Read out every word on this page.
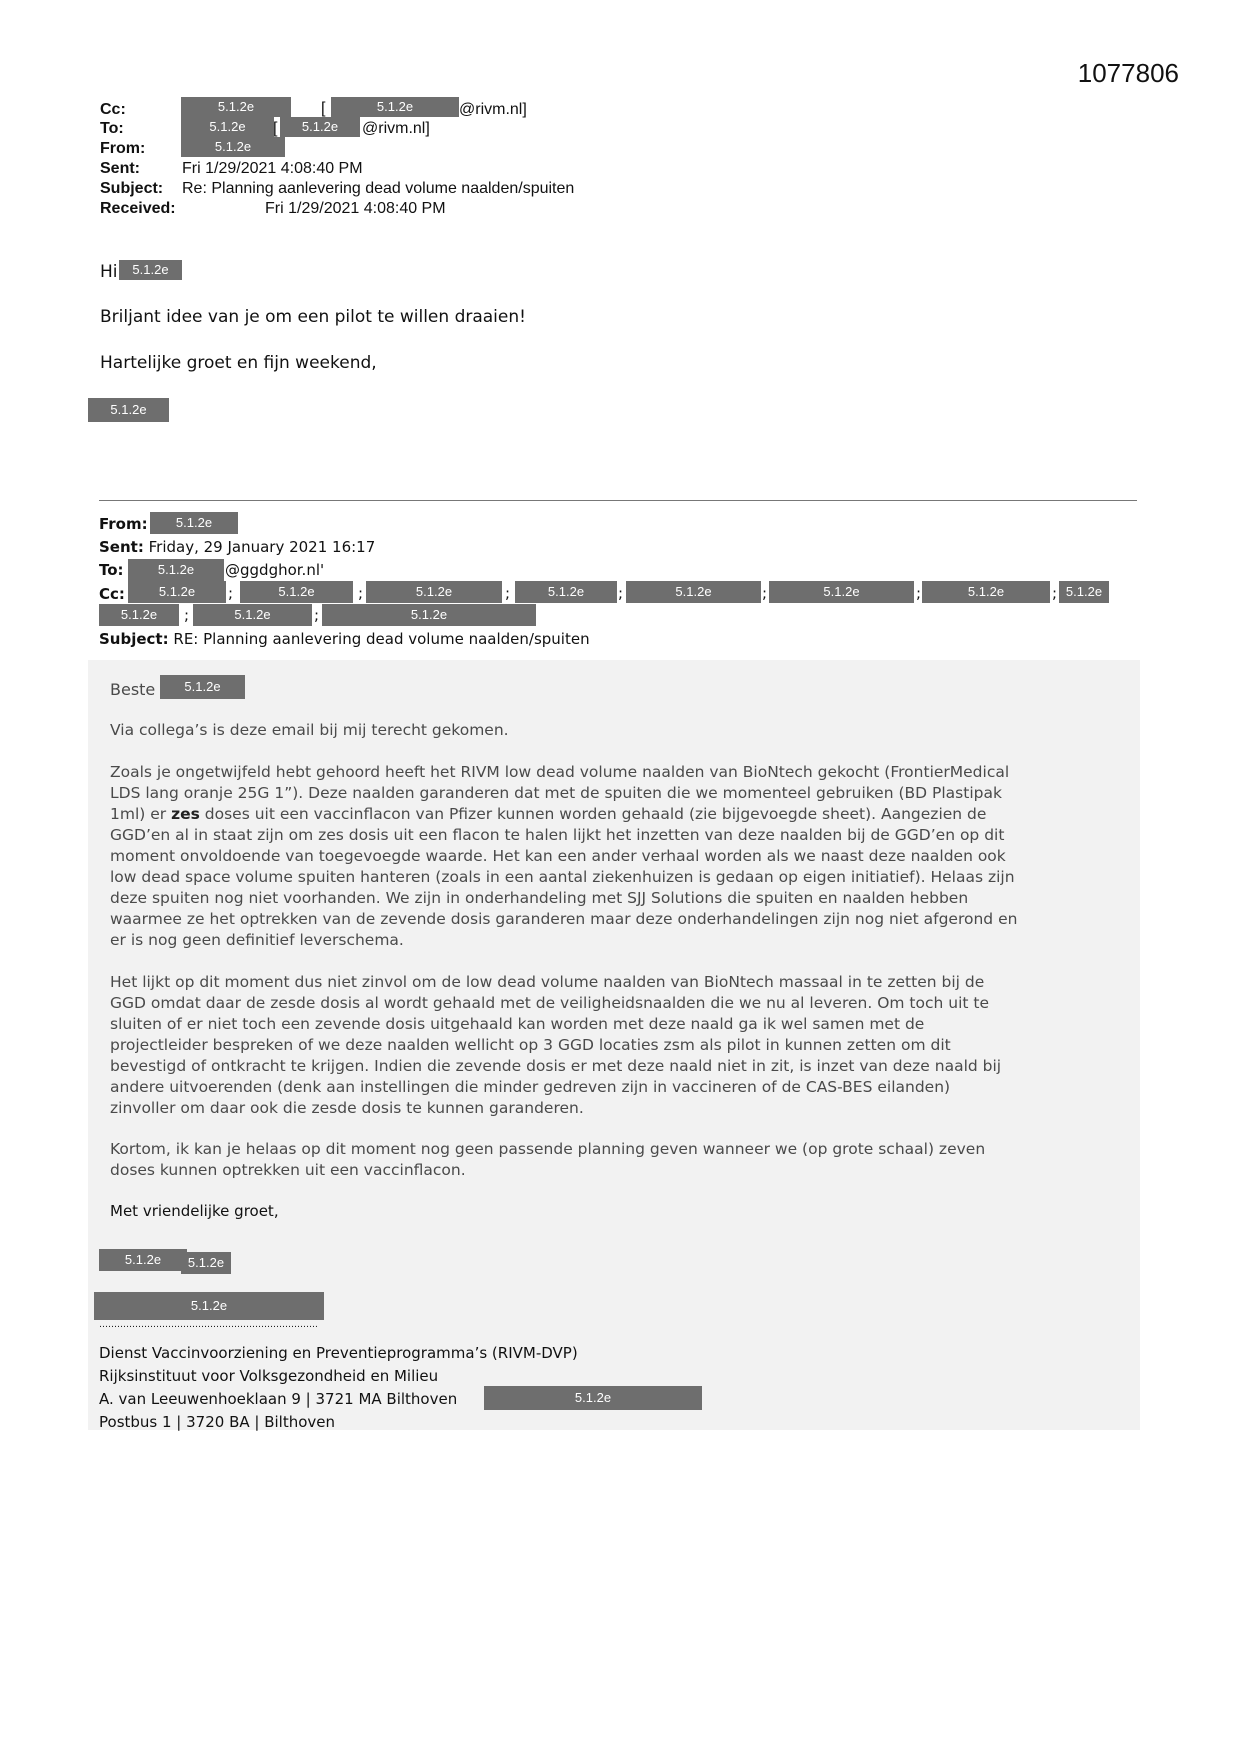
1077806
Cc:	5.1.2e	[	5.1.2e	@rivm.nl]
To:	5.1.2e	[	5.1.2e	@rivm.nl]
From:	5.1.2e
Sent:	Fri 1/29/2021 4:08:40 PM
Subject: Re: Planning aanlevering dead volume naalden/spuiten
Received:	Fri 1/29/2021 4:08:40 PM
Hi	5.1.2e
Briljant idee van je om een pilot te willen draaien!
Hartelijke groet en fijn weekend,
5.1.2e
From:	5.1.2e
Sent: Friday, 29 January 2021 16:17
To:	5.1.2e	@ggdghor.nl'
Cc:	5.1.2e	;	5.1.2e	;	5.1.2e	;	5.1.2e	;	5.1.2e	;	5.1.2e	;	5.1.2e	; 5.1.2e
5.1.2e	;	5.1.2e	;	5.1.2e
Subject: RE: Planning aanlevering dead volume naalden/spuiten
Beste	5.1.2e
Via collega’s is deze email bij mij terecht gekomen.
Zoals je ongetwijfeld hebt gehoord heeft het RIVM low dead volume naalden van BioNtech gekocht (FrontierMedical
LDS lang oranje 25G 1”). Deze naalden garanderen dat met de spuiten die we momenteel gebruiken (BD Plastipak
1ml) er zes doses uit een vaccinflacon van Pfizer kunnen worden gehaald (zie bijgevoegde sheet). Aangezien de
GGD’en al in staat zijn om zes dosis uit een flacon te halen lijkt het inzetten van deze naalden bij de GGD’en op dit
moment onvoldoende van toegevoegde waarde. Het kan een ander verhaal worden als we naast deze naalden ook
low dead space volume spuiten hanteren (zoals in een aantal ziekenhuizen is gedaan op eigen initiatief). Helaas zijn
deze spuiten nog niet voorhanden. We zijn in onderhandeling met SJJ Solutions die spuiten en naalden hebben
waarmee ze het optrekken van de zevende dosis garanderen maar deze onderhandelingen zijn nog niet afgerond en
er is nog geen definitief leverschema.
Het lijkt op dit moment dus niet zinvol om de low dead volume naalden van BioNtech massaal in te zetten bij de
GGD omdat daar de zesde dosis al wordt gehaald met de veiligheidsnaalden die we nu al leveren. Om toch uit te
sluiten of er niet toch een zevende dosis uitgehaald kan worden met deze naald ga ik wel samen met de
projectleider bespreken of we deze naalden wellicht op 3 GGD locaties zsm als pilot in kunnen zetten om dit
bevestigd of ontkracht te krijgen. Indien die zevende dosis er met deze naald niet in zit, is inzet van deze naald bij
andere uitvoerenden (denk aan instellingen die minder gedreven zijn in vaccineren of de CAS-BES eilanden)
zinvoller om daar ook die zesde dosis te kunnen garanderen.
Kortom, ik kan je helaas op dit moment nog geen passende planning geven wanneer we (op grote schaal) zeven
doses kunnen optrekken uit een vaccinflacon.
Met vriendelijke groet,
5.1.2e	5.1.2e
5.1.2e
……………………………………………………………….
Dienst Vaccinvoorziening en Preventieprogramma’s (RIVM-DVP)
Rijksinstituut voor Volksgezondheid en Milieu
A. van Leeuwenhoeklaan 9 | 3721 MA Bilthoven	5.1.2e
Postbus 1 | 3720 BA | Bilthoven
